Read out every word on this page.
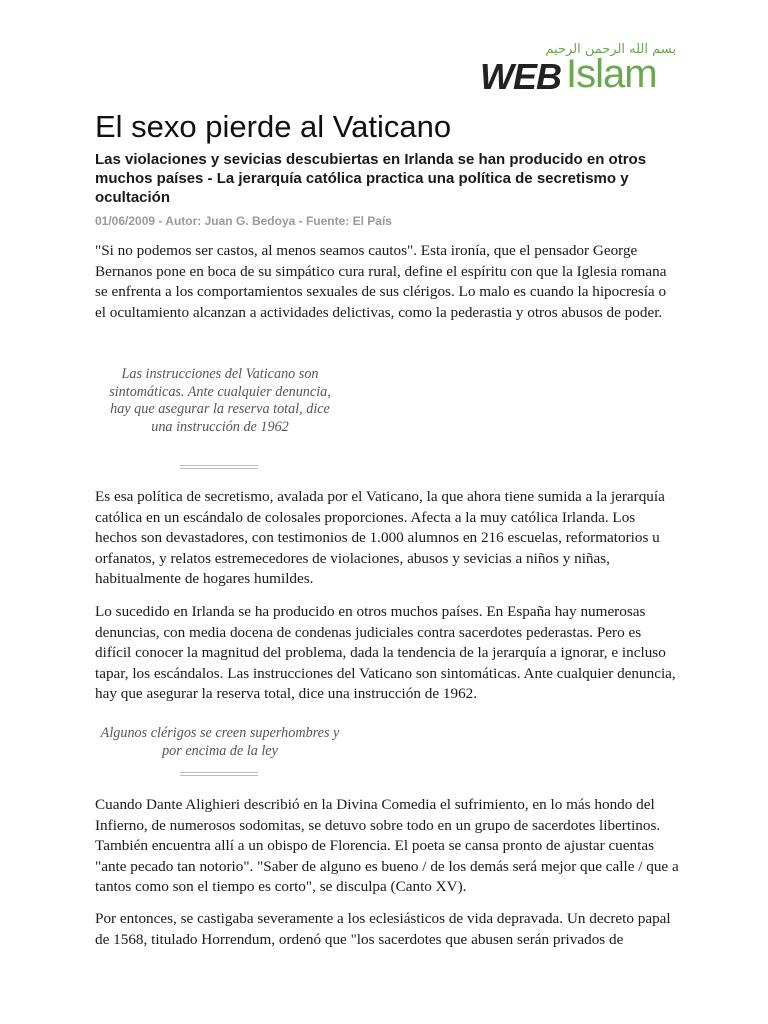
بسم الله الرحمن الرحيم
WEB Islam
El sexo pierde al Vaticano

Las violaciones y sevicias descubiertas en Irlanda se han producido en otros muchos países - La jerarquía católica practica una política de secretismo y ocultación

01/06/2009 - Autor: Juan G. Bedoya - Fuente: El País

"Si no podemos ser castos, al menos seamos cautos". Esta ironía, que el pensador George Bernanos pone en boca de su simpático cura rural, define el espíritu con que la Iglesia romana se enfrenta a los comportamientos sexuales de sus clérigos. Lo malo es cuando la hipocresía o el ocultamiento alcanzan a actividades delictivas, como la pederastia y otros abusos de poder.

Las instrucciones del Vaticano son sintomáticas. Ante cualquier denuncia, hay que asegurar la reserva total, dice una instrucción de 1962

Es esa política de secretismo, avalada por el Vaticano, la que ahora tiene sumida a la jerarquía católica en un escándalo de colosales proporciones. Afecta a la muy católica Irlanda. Los hechos son devastadores, con testimonios de 1.000 alumnos en 216 escuelas, reformatorios u orfanatos, y relatos estremecedores de violaciones, abusos y sevicias a niños y niñas, habitualmente de hogares humildes.

Lo sucedido en Irlanda se ha producido en otros muchos países. En España hay numerosas denuncias, con media docena de condenas judiciales contra sacerdotes pederastas. Pero es difícil conocer la magnitud del problema, dada la tendencia de la jerarquía a ignorar, e incluso tapar, los escándalos. Las instrucciones del Vaticano son sintomáticas. Ante cualquier denuncia, hay que asegurar la reserva total, dice una instrucción de 1962.

Algunos clérigos se creen superhombres y por encima de la ley

Cuando Dante Alighieri describió en la Divina Comedia el sufrimiento, en lo más hondo del Infierno, de numerosos sodomitas, se detuvo sobre todo en un grupo de sacerdotes libertinos. También encuentra allí a un obispo de Florencia. El poeta se cansa pronto de ajustar cuentas "ante pecado tan notorio". "Saber de alguno es bueno / de los demás será mejor que calle / que a tantos como son el tiempo es corto", se disculpa (Canto XV).

Por entonces, se castigaba severamente a los eclesiásticos de vida depravada. Un decreto papal de 1568, titulado Horrendum, ordenó que "los sacerdotes que abusen serán privados de
